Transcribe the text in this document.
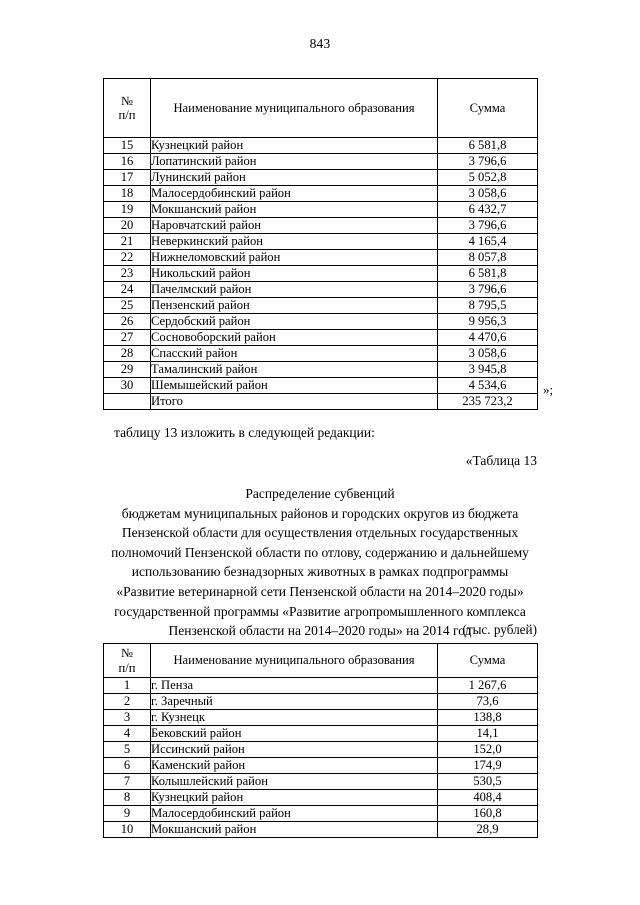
843
№
п/п	Наименование муниципального образования	Сумма
15	Кузнецкий район	6 581,8
16	Лопатинский район	3 796,6
17	Лунинский район	5 052,8
18	Малосердобинский район	3 058,6
19	Мокшанский район	6 432,7
20	Наровчатский район	3 796,6
21	Неверкинский район	4 165,4
22	Нижнеломовский район	8 057,8
23	Никольский район	6 581,8
24	Пачелмский район	3 796,6
25	Пензенский район	8 795,5
26	Сердобский район	9 956,3
27	Сосновоборский район	4 470,6
28	Спасский район	3 058,6
29	Тамалинский район	3 945,8
30	Шемышейский район	4 534,6
	Итого	235 723,2
»;
таблицу 13 изложить в следующей редакции:
«Таблица 13
Распределение субвенций
бюджетам муниципальных районов и городских округов из бюджета
Пензенской области для осуществления отдельных государственных
полномочий Пензенской области по отлову, содержанию и дальнейшему
использованию безнадзорных животных в рамках подпрограммы
«Развитие ветеринарной сети Пензенской области на 2014–2020 годы»
государственной программы «Развитие агропромышленного комплекса
Пензенской области на 2014–2020 годы» на 2014 год
(тыс. рублей)
№
п/п	Наименование муниципального образования	Сумма
1	г. Пенза	1 267,6
2	г. Заречный	73,6
3	г. Кузнецк	138,8
4	Бековский район	14,1
5	Иссинский район	152,0
6	Каменский район	174,9
7	Колышлейский район	530,5
8	Кузнецкий район	408,4
9	Малосердобинский район	160,8
10	Мокшанский район	28,9
